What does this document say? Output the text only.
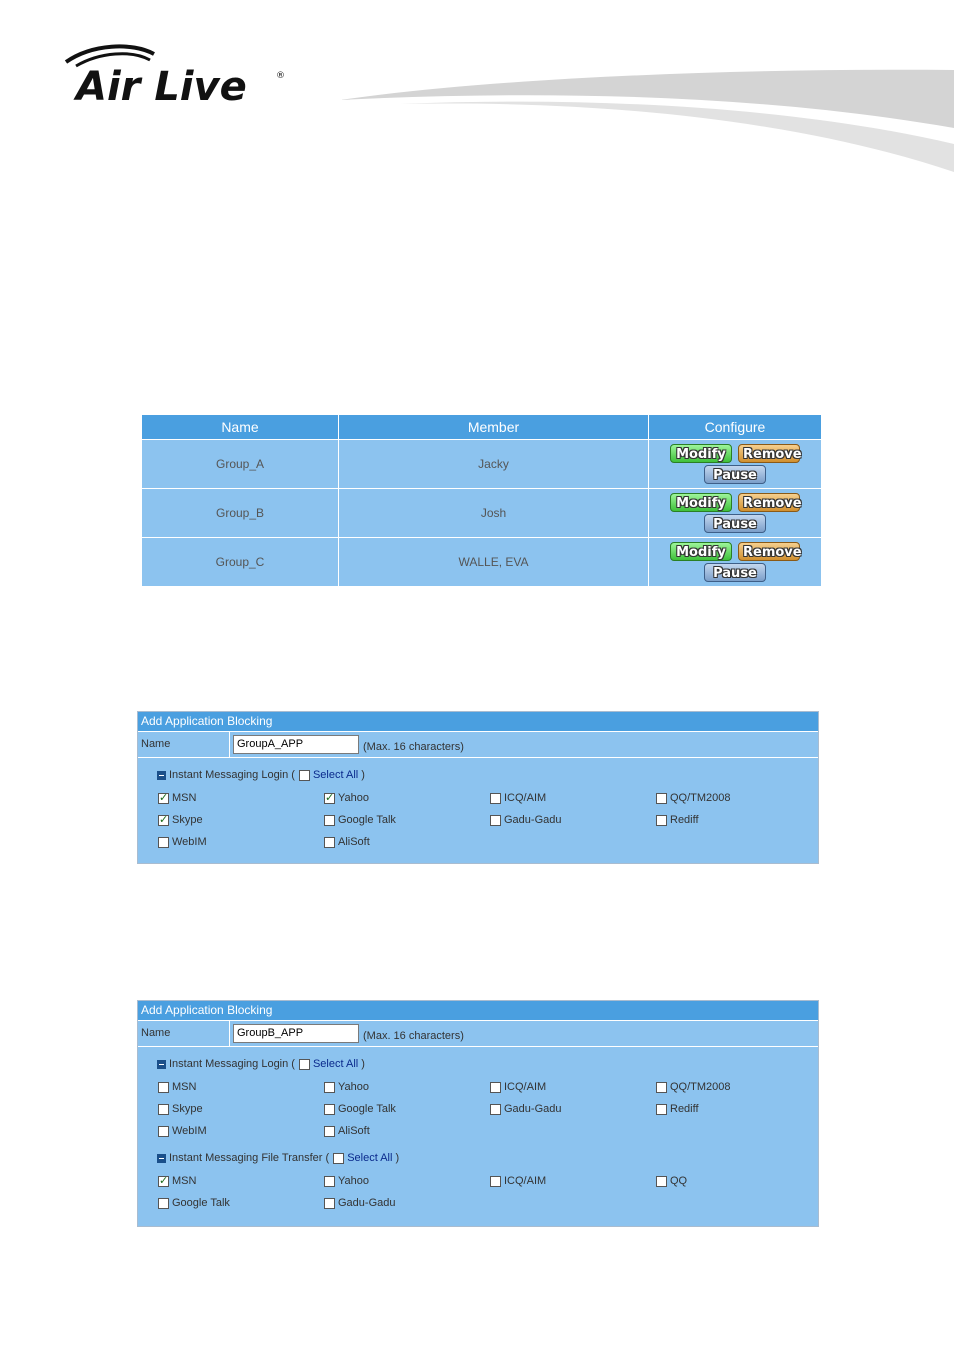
Air Live	®
Name	Member	Configure
Group_A	Jacky	Modify Remove
Pause

Group_B	Josh	Modify Remove
Pause

Group_C	WALLE, EVA	Modify Remove
Pause
Add Application Blocking
Name	GroupA_APP	(Max. 16 characters)
Instant Messaging Login ( Select All )
✓
MSN ✓	Yahoo	ICQ/AIM	QQ/TM2008
✓
Skype	Google Talk	Gadu-Gadu	Rediff
WebIM	AliSoft
Add Application Blocking
Name	GroupB_APP	(Max. 16 characters)
Instant Messaging Login ( Select All )
MSN	Yahoo	ICQ/AIM	QQ/TM2008
Skype	Google Talk	Gadu-Gadu	Rediff
WebIM	AliSoft
Instant Messaging File Transfer ( Select All )
✓
MSN	Yahoo	ICQ/AIM	QQ
Google Talk	Gadu-Gadu
